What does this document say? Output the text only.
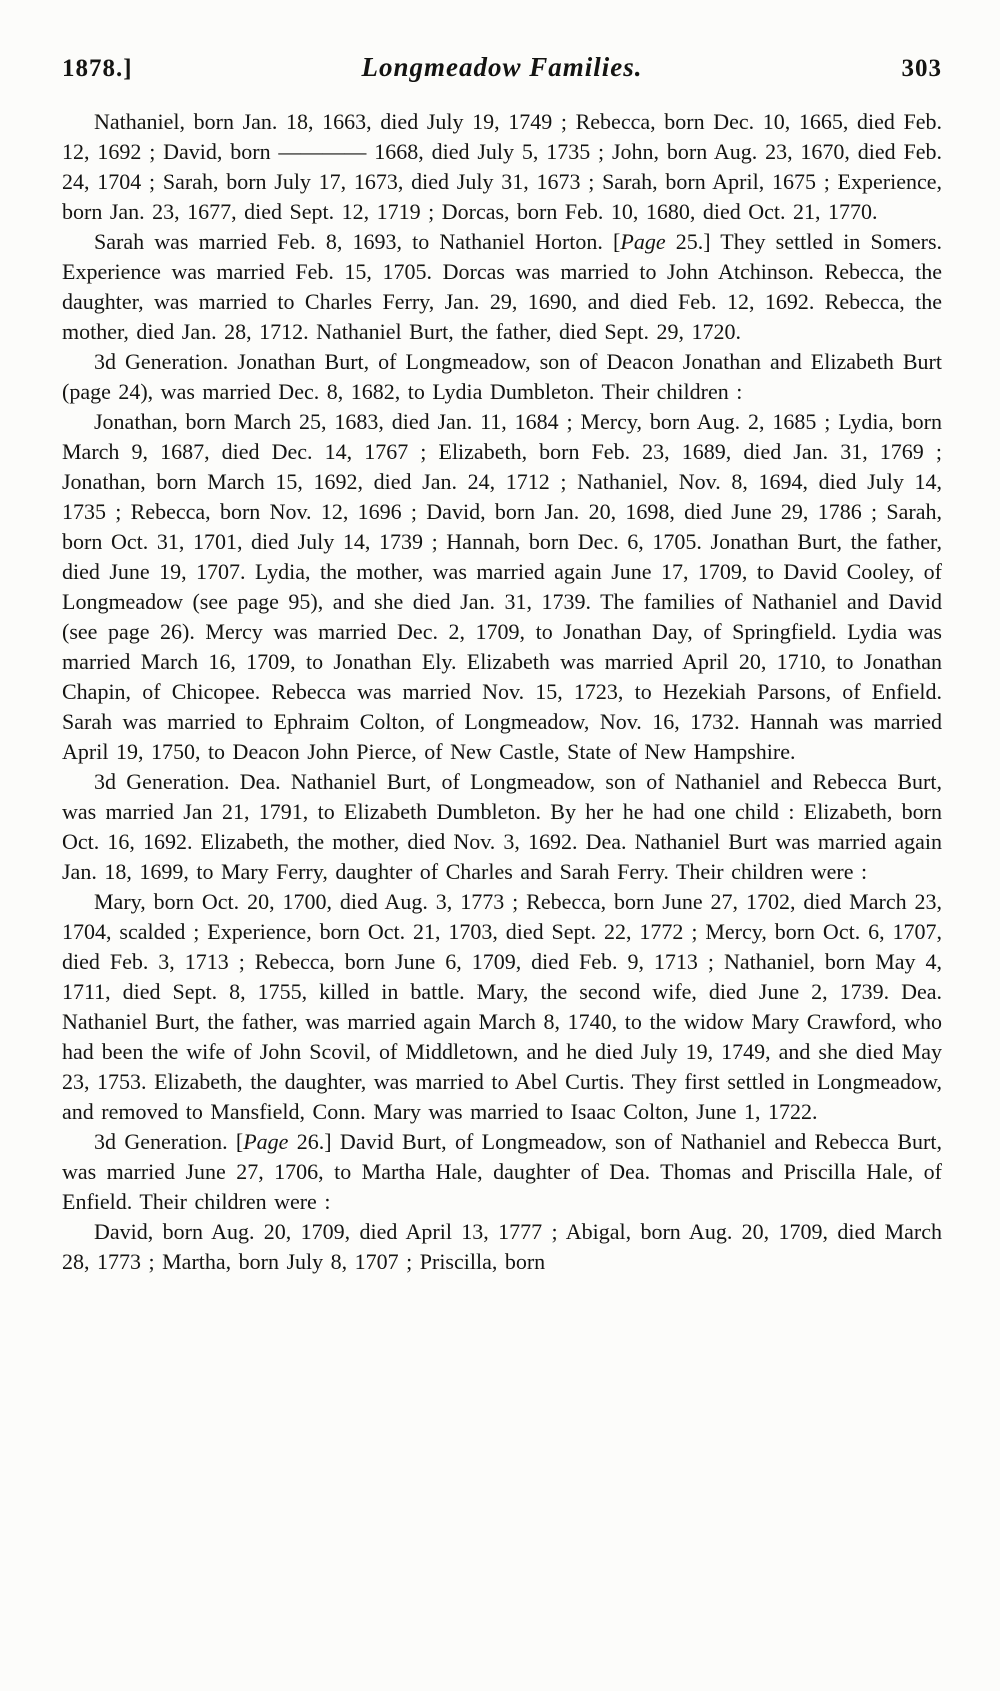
1878.]	Longmeadow Families.	303

Nathaniel, born Jan. 18, 1663, died July 19, 1749 ; Rebecca, born Dec. 10, 1665, died Feb. 12, 1692 ; David, born ———— 1668, died July 5, 1735 ; John, born Aug. 23, 1670, died Feb. 24, 1704 ; Sarah, born July 17, 1673, died July 31, 1673 ; Sarah, born April, 1675 ; Experience, born Jan. 23, 1677, died Sept. 12, 1719 ; Dorcas, born Feb. 10, 1680, died Oct. 21, 1770.

Sarah was married Feb. 8, 1693, to Nathaniel Horton. [Page 25.] They settled in Somers. Experience was married Feb. 15, 1705. Dorcas was married to John Atchinson. Rebecca, the daughter, was married to Charles Ferry, Jan. 29, 1690, and died Feb. 12, 1692. Rebecca, the mother, died Jan. 28, 1712. Nathaniel Burt, the father, died Sept. 29, 1720.

3d Generation. Jonathan Burt, of Longmeadow, son of Deacon Jonathan and Elizabeth Burt (page 24), was married Dec. 8, 1682, to Lydia Dumbleton. Their children :

Jonathan, born March 25, 1683, died Jan. 11, 1684 ; Mercy, born Aug. 2, 1685 ; Lydia, born March 9, 1687, died Dec. 14, 1767 ; Elizabeth, born Feb. 23, 1689, died Jan. 31, 1769 ; Jonathan, born March 15, 1692, died Jan. 24, 1712 ; Nathaniel, Nov. 8, 1694, died July 14, 1735 ; Rebecca, born Nov. 12, 1696 ; David, born Jan. 20, 1698, died June 29, 1786 ; Sarah, born Oct. 31, 1701, died July 14, 1739 ; Hannah, born Dec. 6, 1705. Jonathan Burt, the father, died June 19, 1707. Lydia, the mother, was married again June 17, 1709, to David Cooley, of Longmeadow (see page 95), and she died Jan. 31, 1739. The families of Nathaniel and David (see page 26). Mercy was married Dec. 2, 1709, to Jonathan Day, of Springfield. Lydia was married March 16, 1709, to Jonathan Ely. Elizabeth was married April 20, 1710, to Jonathan Chapin, of Chicopee. Rebecca was married Nov. 15, 1723, to Hezekiah Parsons, of Enfield. Sarah was married to Ephraim Colton, of Longmeadow, Nov. 16, 1732. Hannah was married April 19, 1750, to Deacon John Pierce, of New Castle, State of New Hampshire.

3d Generation. Dea. Nathaniel Burt, of Longmeadow, son of Nathaniel and Rebecca Burt, was married Jan 21, 1791, to Elizabeth Dumbleton. By her he had one child : Elizabeth, born Oct. 16, 1692. Elizabeth, the mother, died Nov. 3, 1692. Dea. Nathaniel Burt was married again Jan. 18, 1699, to Mary Ferry, daughter of Charles and Sarah Ferry. Their children were :

Mary, born Oct. 20, 1700, died Aug. 3, 1773 ; Rebecca, born June 27, 1702, died March 23, 1704, scalded ; Experience, born Oct. 21, 1703, died Sept. 22, 1772 ; Mercy, born Oct. 6, 1707, died Feb. 3, 1713 ; Rebecca, born June 6, 1709, died Feb. 9, 1713 ; Nathaniel, born May 4, 1711, died Sept. 8, 1755, killed in battle. Mary, the second wife, died June 2, 1739. Dea. Nathaniel Burt, the father, was married again March 8, 1740, to the widow Mary Crawford, who had been the wife of John Scovil, of Middletown, and he died July 19, 1749, and she died May 23, 1753. Elizabeth, the daughter, was married to Abel Curtis. They first settled in Longmeadow, and removed to Mansfield, Conn. Mary was married to Isaac Colton, June 1, 1722.

3d Generation. [Page 26.] David Burt, of Longmeadow, son of Nathaniel and Rebecca Burt, was married June 27, 1706, to Martha Hale, daughter of Dea. Thomas and Priscilla Hale, of Enfield. Their children were :

David, born Aug. 20, 1709, died April 13, 1777 ; Abigal, born Aug. 20, 1709, died March 28, 1773 ; Martha, born July 8, 1707 ; Priscilla, born
